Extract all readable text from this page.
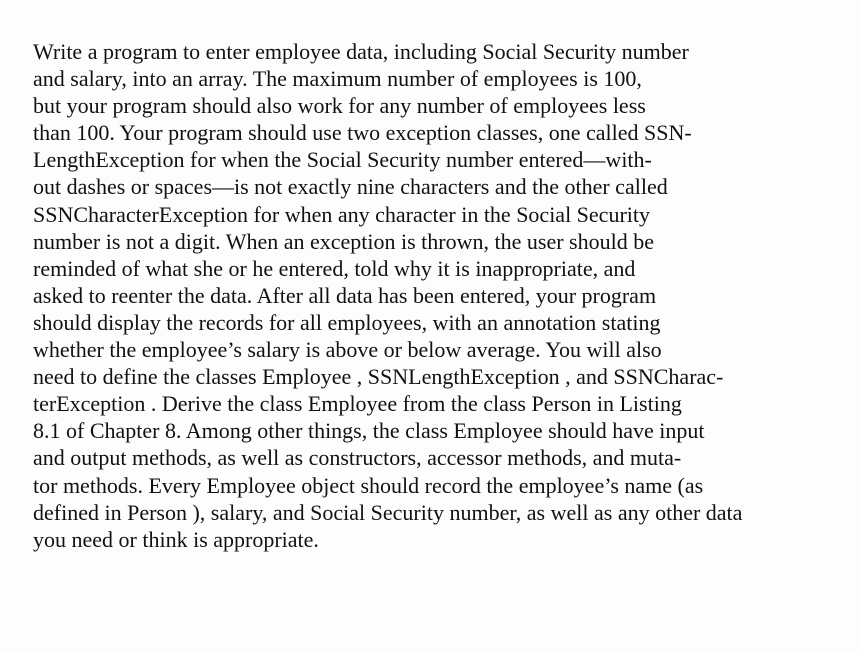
Write a program to enter employee data, including Social Security number
and salary, into an array. The maximum number of employees is 100,
but your program should also work for any number of employees less
than 100. Your program should use two exception classes, one called SSN-
LengthException for when the Social Security number entered—with-
out dashes or spaces—is not exactly nine characters and the other called
SSNCharacterException for when any character in the Social Security
number is not a digit. When an exception is thrown, the user should be
reminded of what she or he entered, told why it is inappropriate, and
asked to reenter the data. After all data has been entered, your program
should display the records for all employees, with an annotation stating
whether the employee’s salary is above or below average. You will also
need to define the classes Employee , SSNLengthException , and SSNCharac-
terException . Derive the class Employee from the class Person in Listing
8.1 of Chapter 8. Among other things, the class Employee should have input
and output methods, as well as constructors, accessor methods, and muta-
tor methods. Every Employee object should record the employee’s name (as
defined in Person ), salary, and Social Security number, as well as any other data
you need or think is appropriate.
